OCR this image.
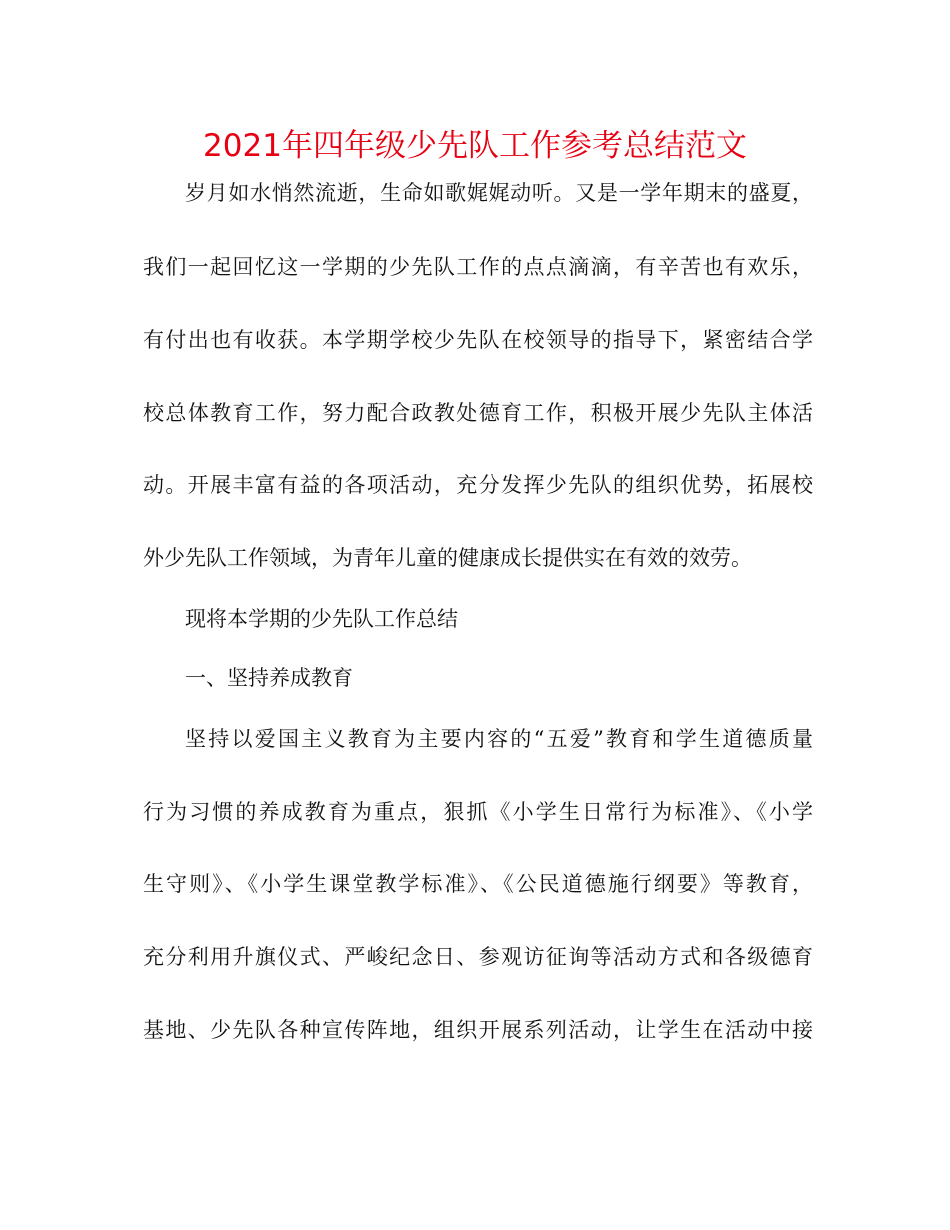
2021年四年级少先队工作参考总结范文

岁月如水悄然流逝，生命如歌娓娓动听。又是一学年期末的盛夏，

我们一起回忆这一学期的少先队工作的点点滴滴，有辛苦也有欢乐，

有付出也有收获。本学期学校少先队在校领导的指导下，紧密结合学

校总体教育工作，努力配合政教处德育工作，积极开展少先队主体活

动。开展丰富有益的各项活动，充分发挥少先队的组织优势，拓展校

外少先队工作领域，为青年儿童的健康成长提供实在有效的效劳。

现将本学期的少先队工作总结

一、坚持养成教育

坚持以爱国主义教育为主要内容的“五爱”教育和学生道德质量

行为习惯的养成教育为重点，狠抓《小学生日常行为标准》、《小学

生守则》、《小学生课堂教学标准》、《公民道德施行纲要》等教育，

充分利用升旗仪式、严峻纪念日、参观访征询等活动方式和各级德育

基地、少先队各种宣传阵地，组织开展系列活动，让学生在活动中接
